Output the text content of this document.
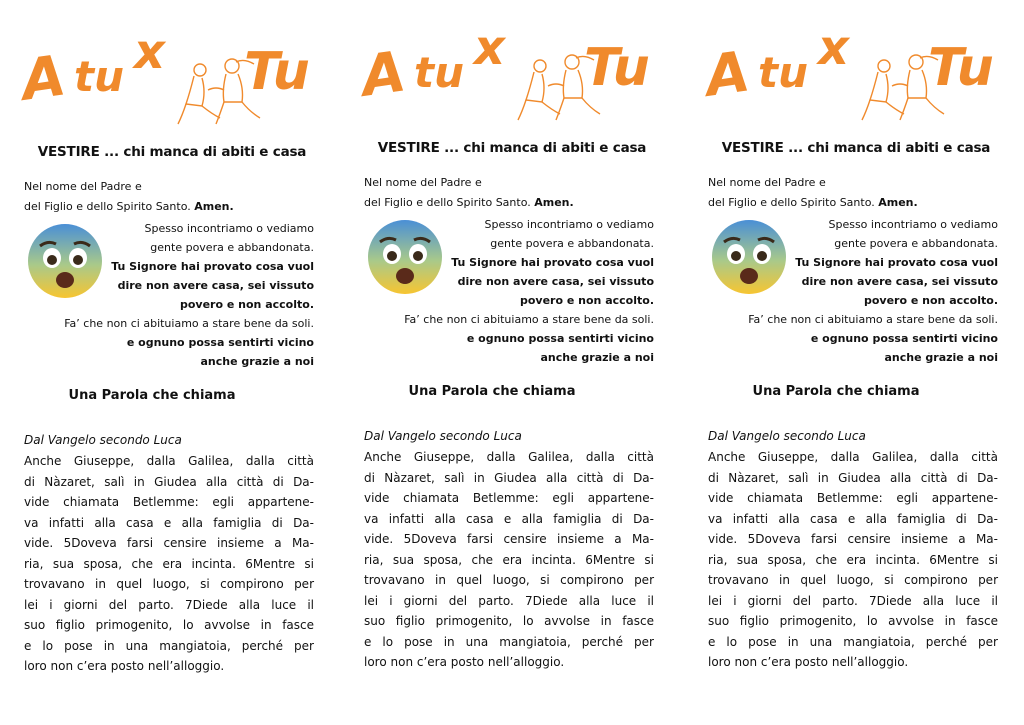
A tu x Tu
VESTIRE ... chi manca di abiti e casa
Nel nome del Padre e
del Figlio e dello Spirito Santo. Amen.
Spesso incontriamo o vediamo
gente povera e abbandonata.
Tu Signore hai provato cosa vuol
dire non avere casa, sei vissuto
povero e non accolto.
Fa’ che non ci abituiamo a stare bene da soli.
e ognuno possa sentirti vicino
anche grazie a noi
Una Parola che chiama
Dal Vangelo secondo Luca
Anche Giuseppe, dalla Galilea, dalla città
di Nàzaret, salì in Giudea alla città di Da-
vide chiamata Betlemme: egli appartene-
va infatti alla casa e alla famiglia di Da-
vide. 5Doveva farsi censire insieme a Ma-
ria, sua sposa, che era incinta. 6Mentre si
trovavano in quel luogo, si compirono per
lei i giorni del parto. 7Diede alla luce il
suo figlio primogenito, lo avvolse in fasce
e lo pose in una mangiatoia, perché per
loro non c’era posto nell’alloggio.
A tu x Tu
VESTIRE ... chi manca di abiti e casa
Nel nome del Padre e
del Figlio e dello Spirito Santo. Amen.
Spesso incontriamo o vediamo
gente povera e abbandonata.
Tu Signore hai provato cosa vuol
dire non avere casa, sei vissuto
povero e non accolto.
Fa’ che non ci abituiamo a stare bene da soli.
e ognuno possa sentirti vicino
anche grazie a noi
Una Parola che chiama
Dal Vangelo secondo Luca
Anche Giuseppe, dalla Galilea, dalla città
di Nàzaret, salì in Giudea alla città di Da-
vide chiamata Betlemme: egli appartene-
va infatti alla casa e alla famiglia di Da-
vide. 5Doveva farsi censire insieme a Ma-
ria, sua sposa, che era incinta. 6Mentre si
trovavano in quel luogo, si compirono per
lei i giorni del parto. 7Diede alla luce il
suo figlio primogenito, lo avvolse in fasce
e lo pose in una mangiatoia, perché per
loro non c’era posto nell’alloggio.
A tu x Tu
VESTIRE ... chi manca di abiti e casa
Nel nome del Padre e
del Figlio e dello Spirito Santo. Amen.
Spesso incontriamo o vediamo
gente povera e abbandonata.
Tu Signore hai provato cosa vuol
dire non avere casa, sei vissuto
povero e non accolto.
Fa’ che non ci abituiamo a stare bene da soli.
e ognuno possa sentirti vicino
anche grazie a noi
Una Parola che chiama
Dal Vangelo secondo Luca
Anche Giuseppe, dalla Galilea, dalla città
di Nàzaret, salì in Giudea alla città di Da-
vide chiamata Betlemme: egli appartene-
va infatti alla casa e alla famiglia di Da-
vide. 5Doveva farsi censire insieme a Ma-
ria, sua sposa, che era incinta. 6Mentre si
trovavano in quel luogo, si compirono per
lei i giorni del parto. 7Diede alla luce il
suo figlio primogenito, lo avvolse in fasce
e lo pose in una mangiatoia, perché per
loro non c’era posto nell’alloggio.
